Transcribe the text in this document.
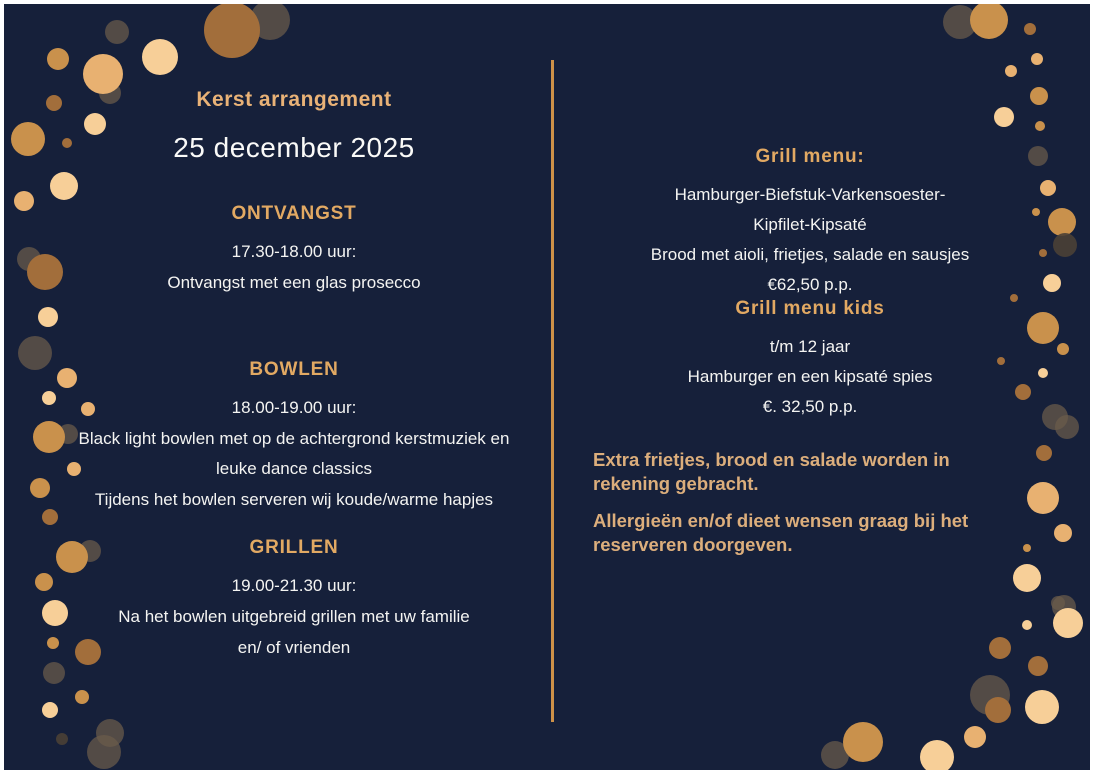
Kerst arrangement
25 december 2025
ONTVANGST
17.30-18.00 uur:
Ontvangst met een glas prosecco
BOWLEN
18.00-19.00 uur:
Black light bowlen met op de achtergrond kerstmuziek en leuke dance classics
Tijdens het bowlen serveren wij koude/warme hapjes
GRILLEN
19.00-21.30 uur:
Na het bowlen uitgebreid grillen met uw familie
en/ of vrienden
Grill menu:
Hamburger-Biefstuk-Varkensoester-
Kipfilet-Kipsaté
Brood met aioli, frietjes, salade en sausjes
€62,50 p.p.
Grill menu kids
t/m 12 jaar
Hamburger en een kipsaté spies
€. 32,50 p.p.

Extra frietjes, brood en salade worden in rekening gebracht.

Allergieën en/of dieet wensen graag bij het reserveren doorgeven.
